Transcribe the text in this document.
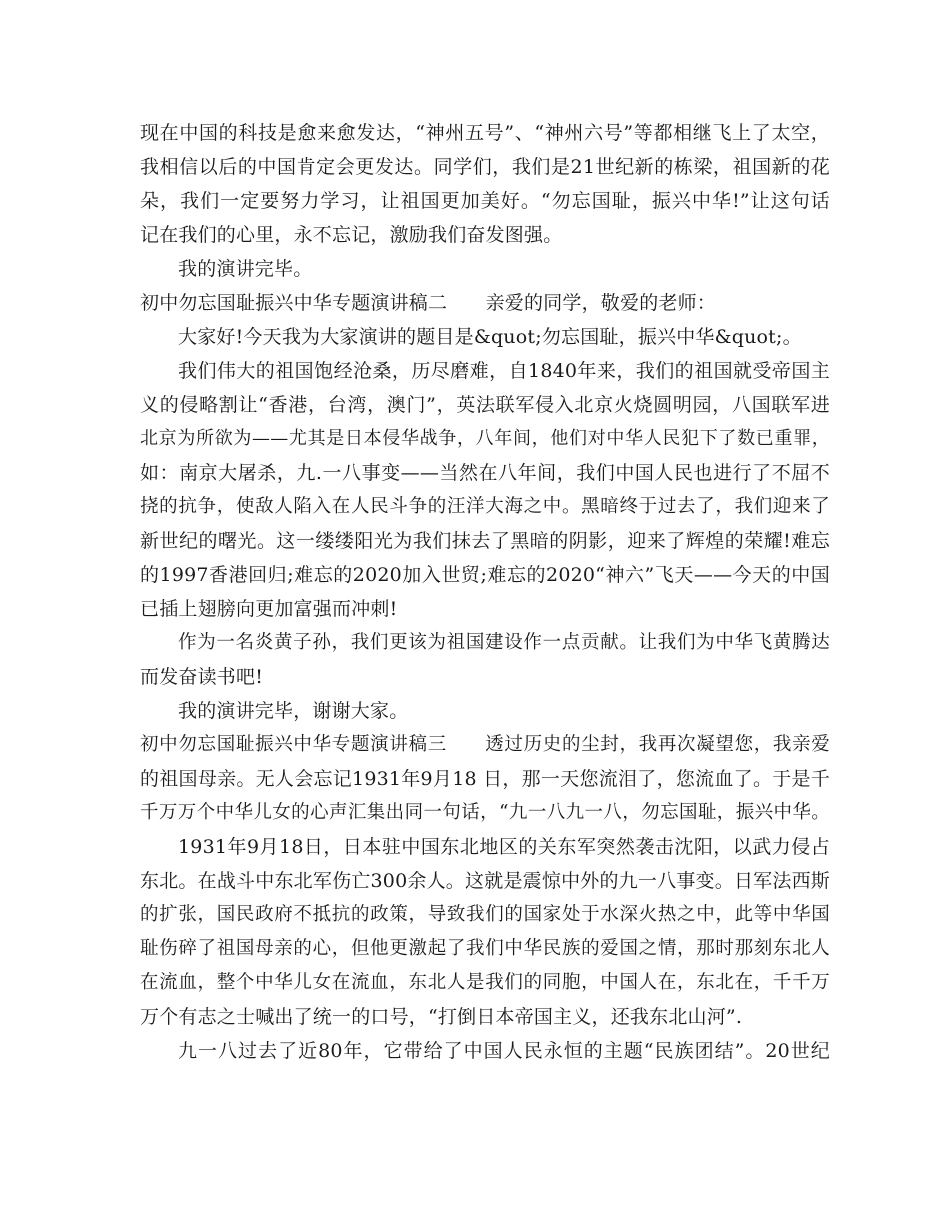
现在中国的科技是愈来愈发达，“神州五号”、“神州六号”等都相继飞上了太空，
我相信以后的中国肯定会更发达。同学们，我们是21世纪新的栋梁，祖国新的花
朵，我们一定要努力学习，让祖国更加美好。“勿忘国耻，振兴中华!”让这句话
记在我们的心里，永不忘记，激励我们奋发图强。
我的演讲完毕。
初中勿忘国耻振兴中华专题演讲稿二　　亲爱的同学，敬爱的老师：
大家好!今天我为大家演讲的题目是&quot;勿忘国耻，振兴中华&quot;。
我们伟大的祖国饱经沧桑，历尽磨难，自1840年来，我们的祖国就受帝国主
义的侵略割让“香港，台湾，澳门”，英法联军侵入北京火烧圆明园，八国联军进
北京为所欲为——尤其是日本侵华战争，八年间，他们对中华人民犯下了数已重罪，
如：南京大屠杀，九.一八事变——当然在八年间，我们中国人民也进行了不屈不
挠的抗争，使敌人陷入在人民斗争的汪洋大海之中。黑暗终于过去了，我们迎来了
新世纪的曙光。这一缕缕阳光为我们抹去了黑暗的阴影，迎来了辉煌的荣耀!难忘
的1997香港回归;难忘的2020加入世贸;难忘的2020“神六”飞天——今天的中国
已插上翅膀向更加富强而冲刺!
作为一名炎黄子孙，我们更该为祖国建设作一点贡献。让我们为中华飞黄腾达
而发奋读书吧!
我的演讲完毕，谢谢大家。
初中勿忘国耻振兴中华专题演讲稿三　　透过历史的尘封，我再次凝望您，我亲爱
的祖国母亲。无人会忘记1931年9月18 日，那一天您流泪了，您流血了。于是千
千万万个中华儿女的心声汇集出同一句话，“九一八九一八，勿忘国耻，振兴中华。
1931年9月18日，日本驻中国东北地区的关东军突然袭击沈阳，以武力侵占
东北。在战斗中东北军伤亡300余人。这就是震惊中外的九一八事变。日军法西斯
的扩张，国民政府不抵抗的政策，导致我们的国家处于水深火热之中，此等中华国
耻伤碎了祖国母亲的心，但他更激起了我们中华民族的爱国之情，那时那刻东北人
在流血，整个中华儿女在流血，东北人是我们的同胞，中国人在，东北在，千千万
万个有志之士喊出了统一的口号，“打倒日本帝国主义，还我东北山河”.
九一八过去了近80年，它带给了中国人民永恒的主题“民族团结”。20世纪
